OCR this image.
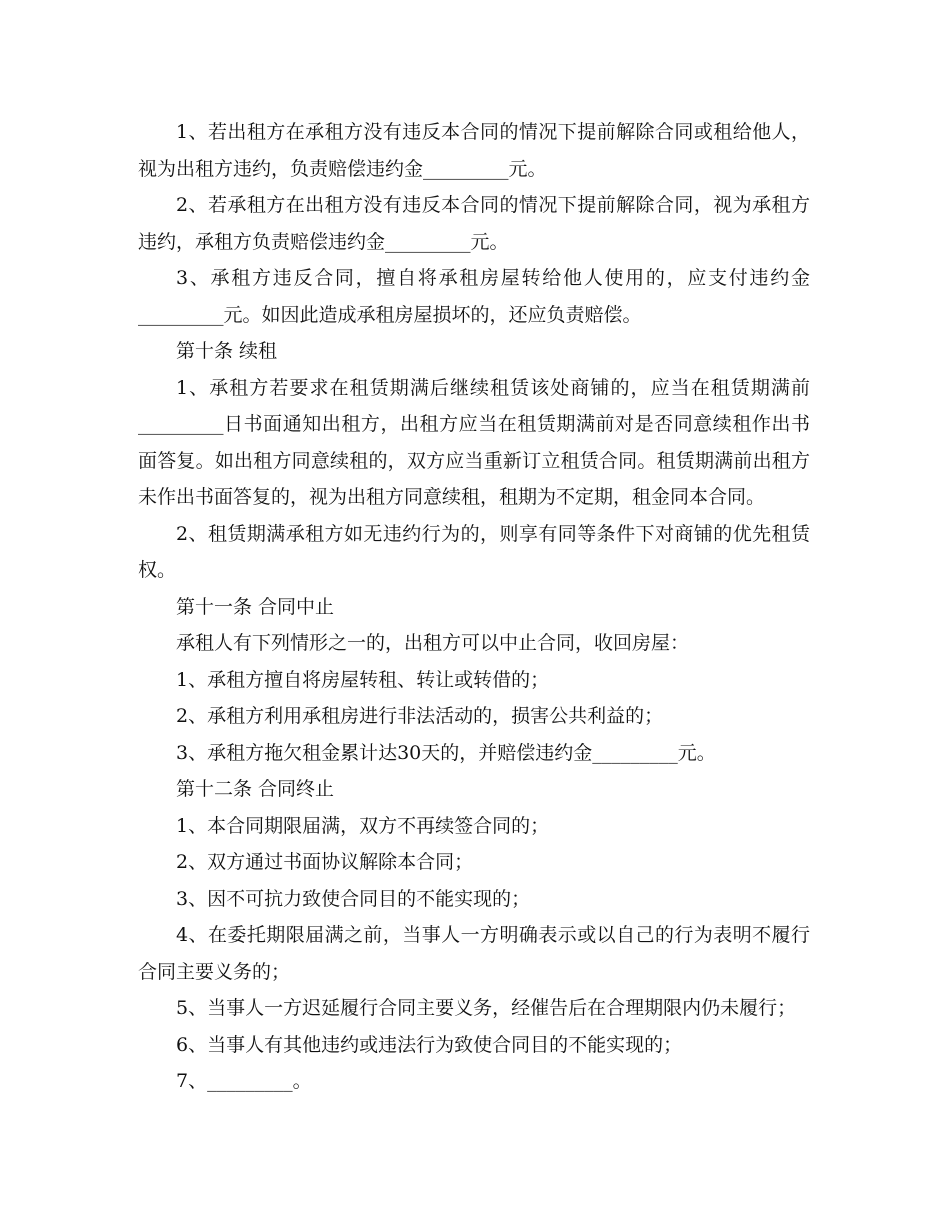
1、若出租方在承租方没有违反本合同的情况下提前解除合同或租给他人，视为出租方违约，负责赔偿违约金_________元。

2、若承租方在出租方没有违反本合同的情况下提前解除合同，视为承租方违约，承租方负责赔偿违约金_________元。

3、承租方违反合同，擅自将承租房屋转给他人使用的，应支付违约金_________元。如因此造成承租房屋损坏的，还应负责赔偿。

第十条 续租

1、承租方若要求在租赁期满后继续租赁该处商铺的，应当在租赁期满前_________日书面通知出租方，出租方应当在租赁期满前对是否同意续租作出书面答复。如出租方同意续租的，双方应当重新订立租赁合同。租赁期满前出租方未作出书面答复的，视为出租方同意续租，租期为不定期，租金同本合同。

2、租赁期满承租方如无违约行为的，则享有同等条件下对商铺的优先租赁权。

第十一条 合同中止

承租人有下列情形之一的，出租方可以中止合同，收回房屋：

1、承租方擅自将房屋转租、转让或转借的；

2、承租方利用承租房进行非法活动的，损害公共利益的；

3、承租方拖欠租金累计达30天的，并赔偿违约金_________元。

第十二条 合同终止

1、本合同期限届满，双方不再续签合同的；

2、双方通过书面协议解除本合同；

3、因不可抗力致使合同目的不能实现的；

4、在委托期限届满之前，当事人一方明确表示或以自己的行为表明不履行合同主要义务的；

5、当事人一方迟延履行合同主要义务，经催告后在合理期限内仍未履行；

6、当事人有其他违约或违法行为致使合同目的不能实现的；

7、_________。
